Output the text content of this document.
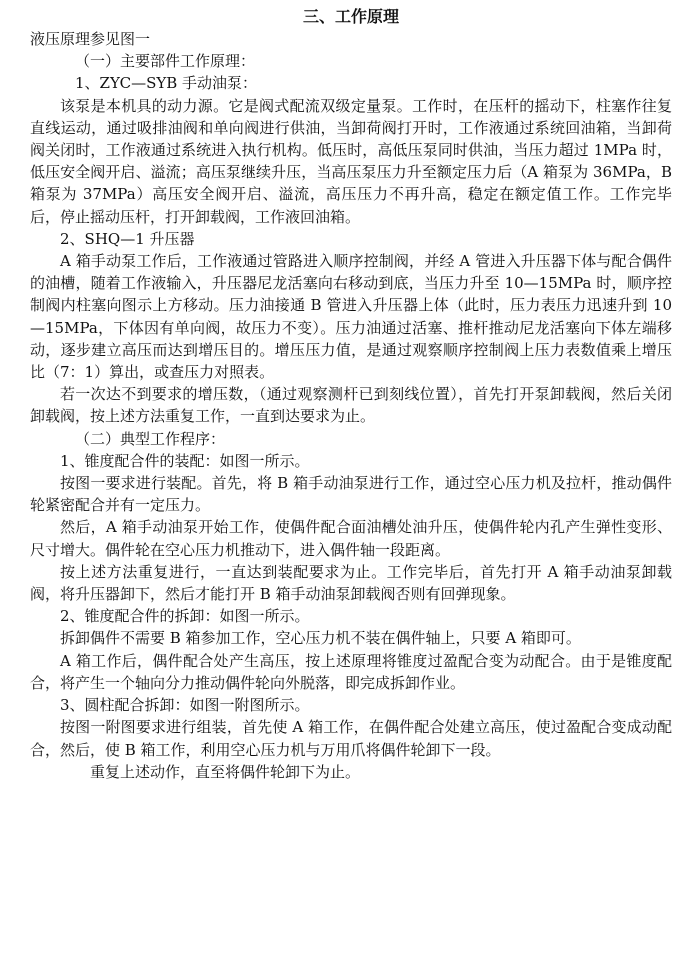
三、工作原理

液压原理参见图一

（一）主要部件工作原理：

1、ZYC—SYB 手动油泵：

该泵是本机具的动力源。它是阀式配流双级定量泵。工作时，在压杆的摇动下，柱塞作往复直线运动，通过吸排油阀和单向阀进行供油，当卸荷阀打开时，工作液通过系统回油箱，当卸荷阀关闭时，工作液通过系统进入执行机构。低压时，高低压泵同时供油，当压力超过 1MPa 时，低压安全阀开启、溢流；高压泵继续升压，当高压泵压力升至额定压力后（A 箱泵为 36MPa，B 箱泵为 37MPa）高压安全阀开启、溢流，高压压力不再升高，稳定在额定值工作。工作完毕后，停止摇动压杆，打开卸载阀，工作液回油箱。

2、SHQ—1 升压器

A 箱手动泵工作后，工作液通过管路进入顺序控制阀，并经 A 管进入升压器下体与配合偶件的油槽，随着工作液输入，升压器尼龙活塞向右移动到底，当压力升至 10—15MPa 时，顺序控制阀内柱塞向图示上方移动。压力油接通 B 管进入升压器上体（此时，压力表压力迅速升到 10—15MPa，下体因有单向阀，故压力不变）。压力油通过活塞、推杆推动尼龙活塞向下体左端移动，逐步建立高压而达到增压目的。增压压力值，是通过观察顺序控制阀上压力表数值乘上增压比（7：1）算出，或查压力对照表。

若一次达不到要求的增压数，（通过观察测杆已到刻线位置），首先打开泵卸载阀，然后关闭卸载阀，按上述方法重复工作，一直到达要求为止。

（二）典型工作程序：

1、锥度配合件的装配：如图一所示。

按图一要求进行装配。首先，将 B 箱手动油泵进行工作，通过空心压力机及拉杆，推动偶件轮紧密配合并有一定压力。

然后，A 箱手动油泵开始工作，使偶件配合面油槽处油升压，使偶件轮内孔产生弹性变形、尺寸增大。偶件轮在空心压力机推动下，进入偶件轴一段距离。

按上述方法重复进行，一直达到装配要求为止。工作完毕后，首先打开 A 箱手动油泵卸载阀，将升压器卸下，然后才能打开 B 箱手动油泵卸载阀否则有回弹现象。

2、锥度配合件的拆卸：如图一所示。

拆卸偶件不需要 B 箱参加工作，空心压力机不装在偶件轴上，只要 A 箱即可。

A 箱工作后，偶件配合处产生高压，按上述原理将锥度过盈配合变为动配合。由于是锥度配合，将产生一个轴向分力推动偶件轮向外脱落，即完成拆卸作业。

3、圆柱配合拆卸：如图一附图所示。

按图一附图要求进行组装，首先使 A 箱工作，在偶件配合处建立高压，使过盈配合变成动配合，然后，使 B 箱工作，利用空心压力机与万用爪将偶件轮卸下一段。

重复上述动作，直至将偶件轮卸下为止。
